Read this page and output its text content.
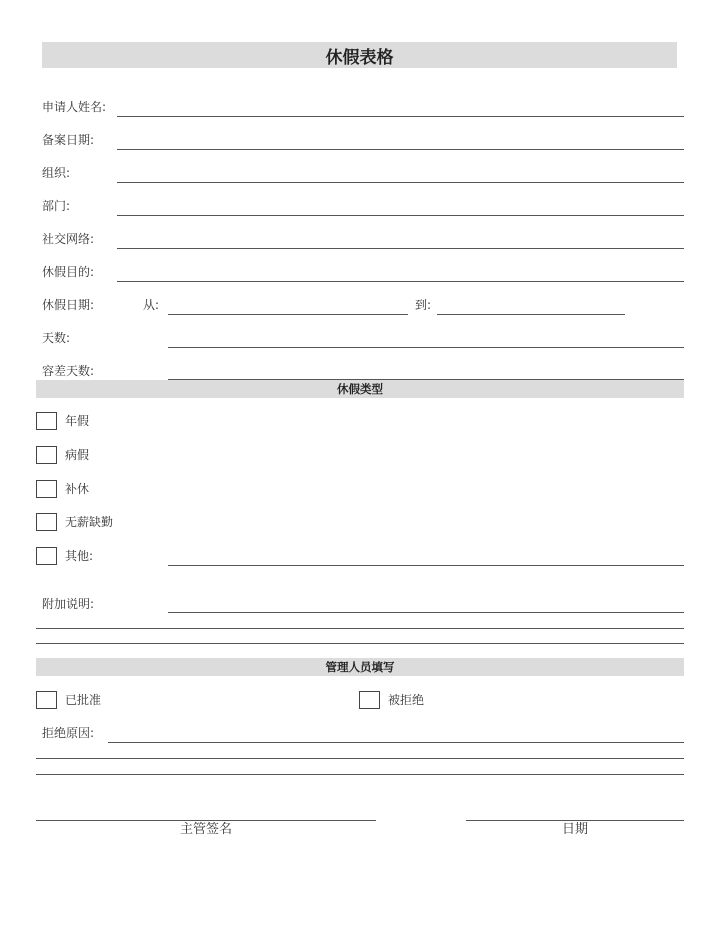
休假表格
申请人姓名:
备案日期:
组织:
部门:
社交网络:
休假目的:
休假日期:	从:	到:
天数:
容差天数:
休假类型
年假
病假
补休
无薪缺勤
其他:
附加说明:
管理人员填写
已批准	被拒绝
拒绝原因:
主管签名	日期
